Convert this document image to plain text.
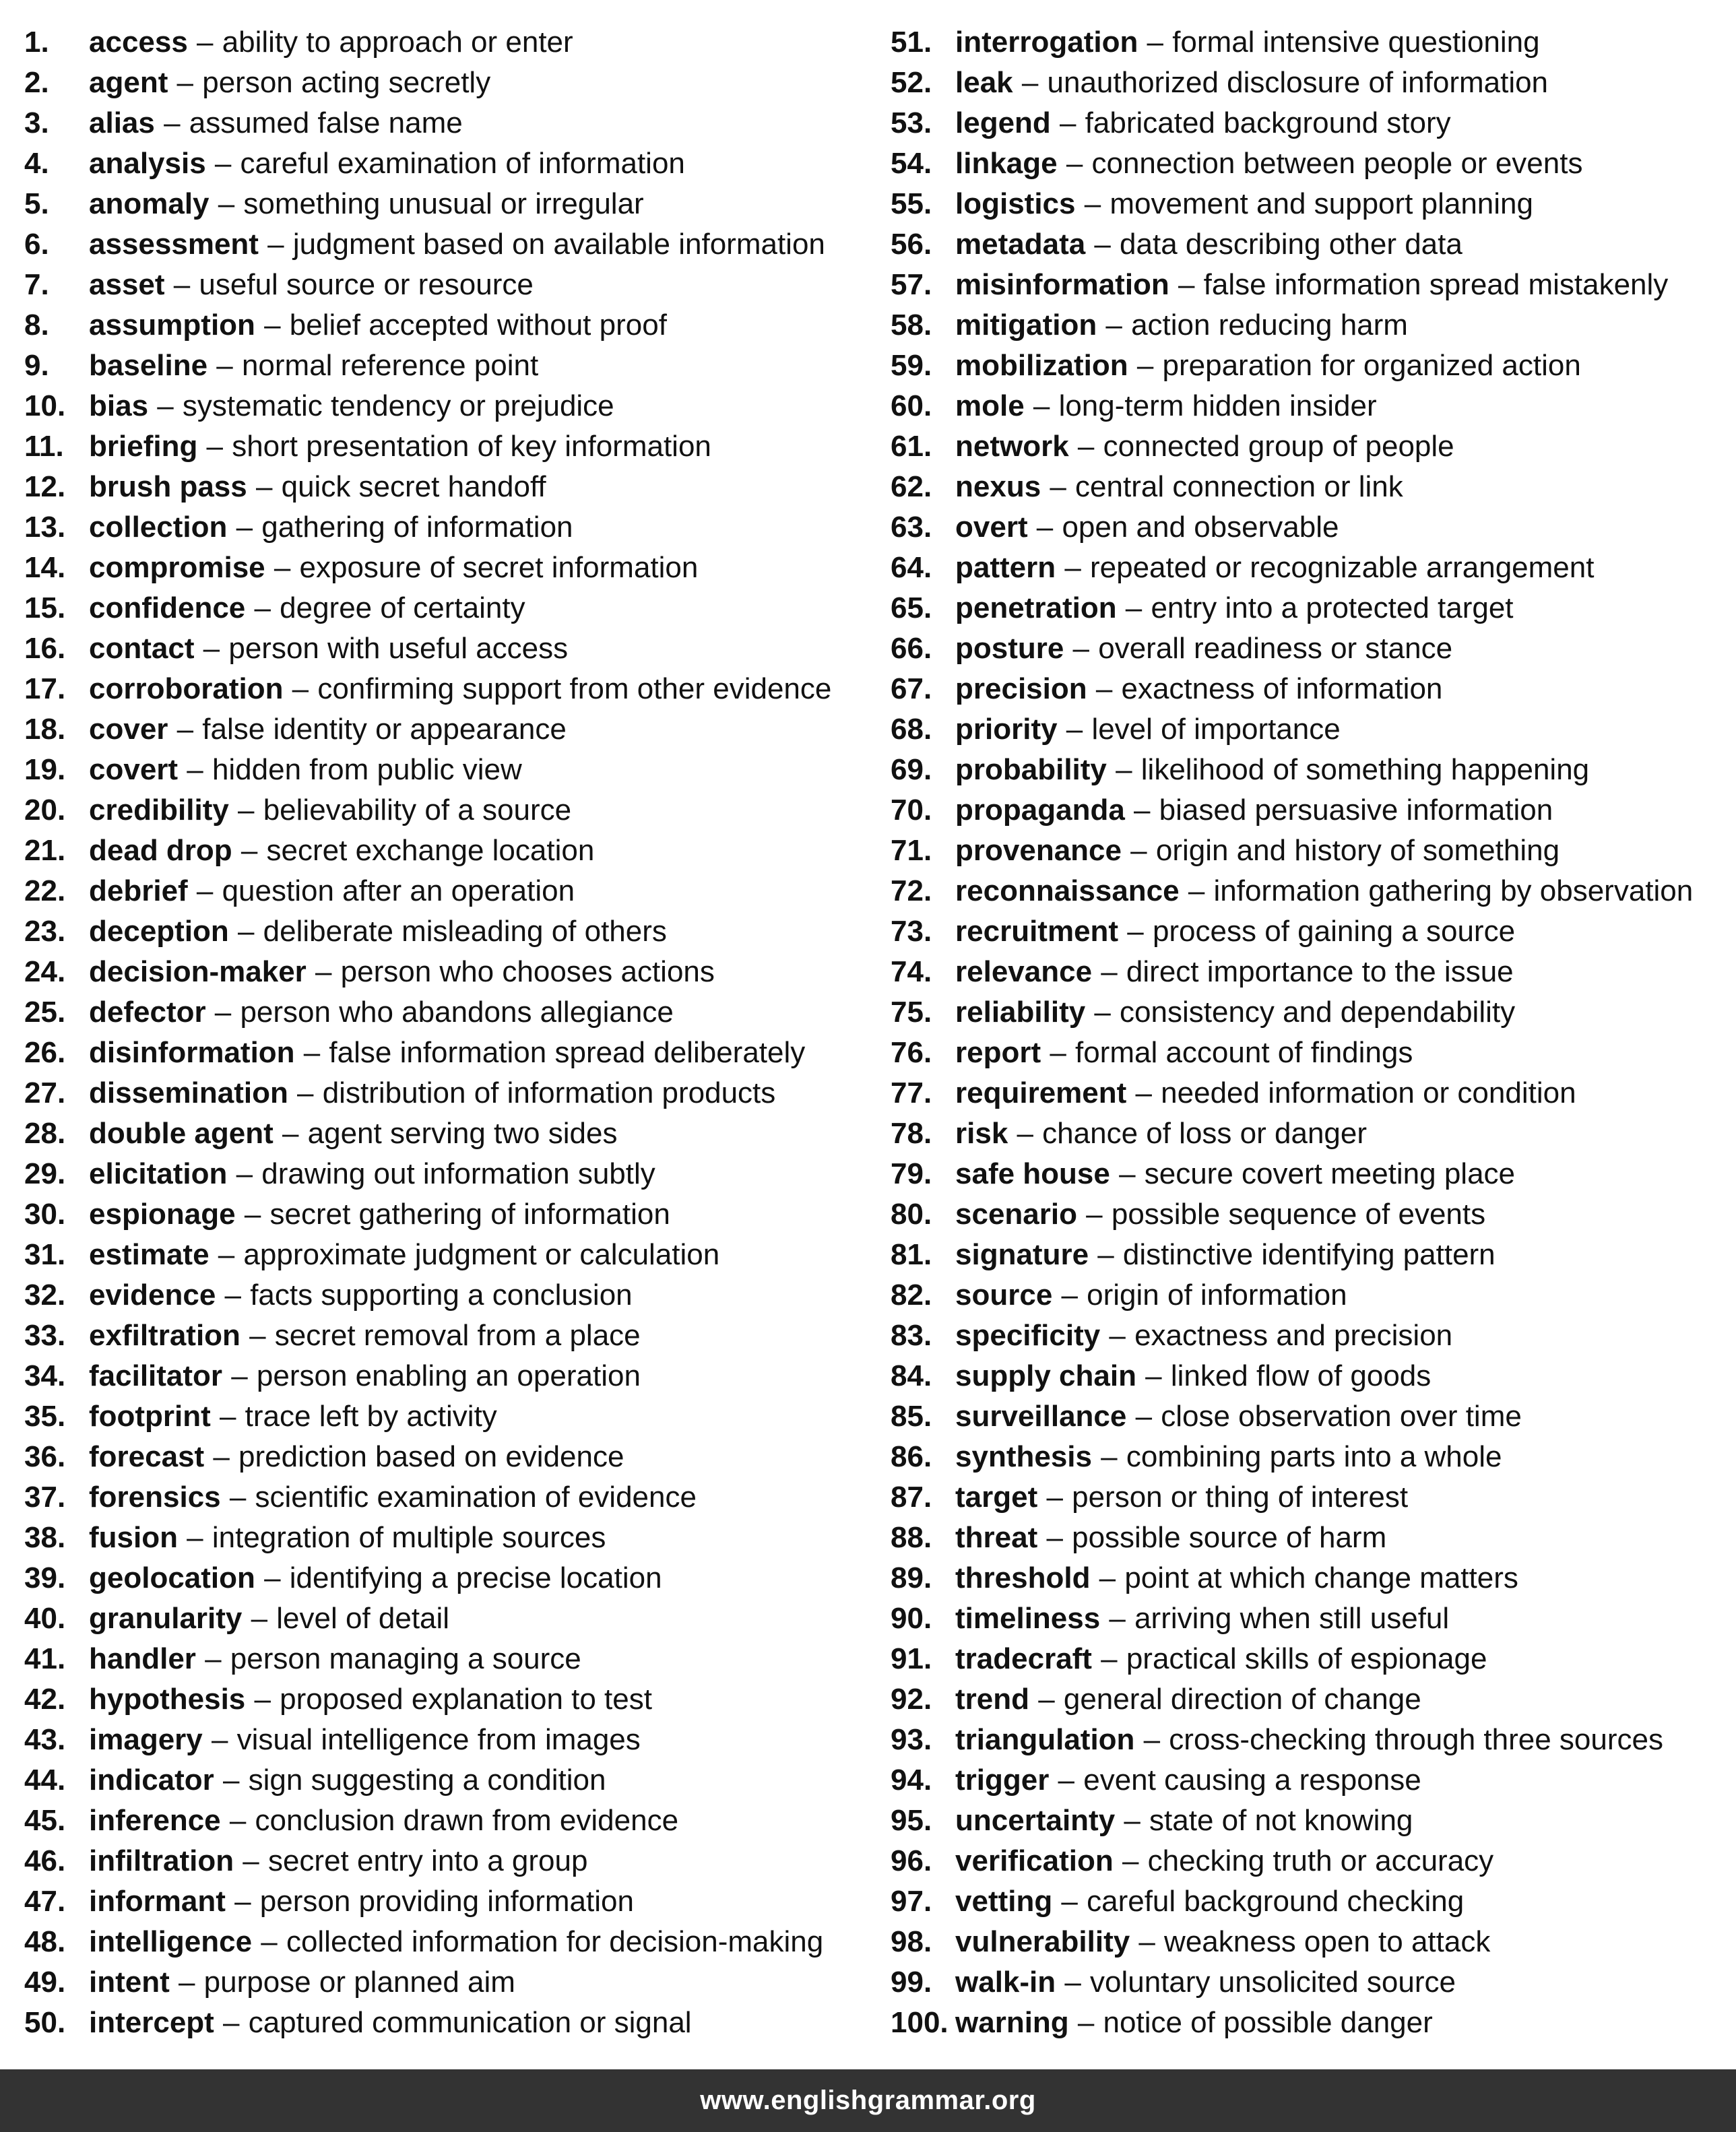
1. access – ability to approach or enter
2. agent – person acting secretly
3. alias – assumed false name
4. analysis – careful examination of information
5. anomaly – something unusual or irregular
6. assessment – judgment based on available information
7. asset – useful source or resource
8. assumption – belief accepted without proof
9. baseline – normal reference point
10. bias – systematic tendency or prejudice
11. briefing – short presentation of key information
12. brush pass – quick secret handoff
13. collection – gathering of information
14. compromise – exposure of secret information
15. confidence – degree of certainty
16. contact – person with useful access
17. corroboration – confirming support from other evidence
18. cover – false identity or appearance
19. covert – hidden from public view
20. credibility – believability of a source
21. dead drop – secret exchange location
22. debrief – question after an operation
23. deception – deliberate misleading of others
24. decision-maker – person who chooses actions
25. defector – person who abandons allegiance
26. disinformation – false information spread deliberately
27. dissemination – distribution of information products
28. double agent – agent serving two sides
29. elicitation – drawing out information subtly
30. espionage – secret gathering of information
31. estimate – approximate judgment or calculation
32. evidence – facts supporting a conclusion
33. exfiltration – secret removal from a place
34. facilitator – person enabling an operation
35. footprint – trace left by activity
36. forecast – prediction based on evidence
37. forensics – scientific examination of evidence
38. fusion – integration of multiple sources
39. geolocation – identifying a precise location
40. granularity – level of detail
41. handler – person managing a source
42. hypothesis – proposed explanation to test
43. imagery – visual intelligence from images
44. indicator – sign suggesting a condition
45. inference – conclusion drawn from evidence
46. infiltration – secret entry into a group
47. informant – person providing information
48. intelligence – collected information for decision-making
49. intent – purpose or planned aim
50. intercept – captured communication or signal
51. interrogation – formal intensive questioning
52. leak – unauthorized disclosure of information
53. legend – fabricated background story
54. linkage – connection between people or events
55. logistics – movement and support planning
56. metadata – data describing other data
57. misinformation – false information spread mistakenly
58. mitigation – action reducing harm
59. mobilization – preparation for organized action
60. mole – long-term hidden insider
61. network – connected group of people
62. nexus – central connection or link
63. overt – open and observable
64. pattern – repeated or recognizable arrangement
65. penetration – entry into a protected target
66. posture – overall readiness or stance
67. precision – exactness of information
68. priority – level of importance
69. probability – likelihood of something happening
70. propaganda – biased persuasive information
71. provenance – origin and history of something
72. reconnaissance – information gathering by observation
73. recruitment – process of gaining a source
74. relevance – direct importance to the issue
75. reliability – consistency and dependability
76. report – formal account of findings
77. requirement – needed information or condition
78. risk – chance of loss or danger
79. safe house – secure covert meeting place
80. scenario – possible sequence of events
81. signature – distinctive identifying pattern
82. source – origin of information
83. specificity – exactness and precision
84. supply chain – linked flow of goods
85. surveillance – close observation over time
86. synthesis – combining parts into a whole
87. target – person or thing of interest
88. threat – possible source of harm
89. threshold – point at which change matters
90. timeliness – arriving when still useful
91. tradecraft – practical skills of espionage
92. trend – general direction of change
93. triangulation – cross-checking through three sources
94. trigger – event causing a response
95. uncertainty – state of not knowing
96. verification – checking truth or accuracy
97. vetting – careful background checking
98. vulnerability – weakness open to attack
99. walk-in – voluntary unsolicited source
100. warning – notice of possible danger
www.englishgrammar.org
